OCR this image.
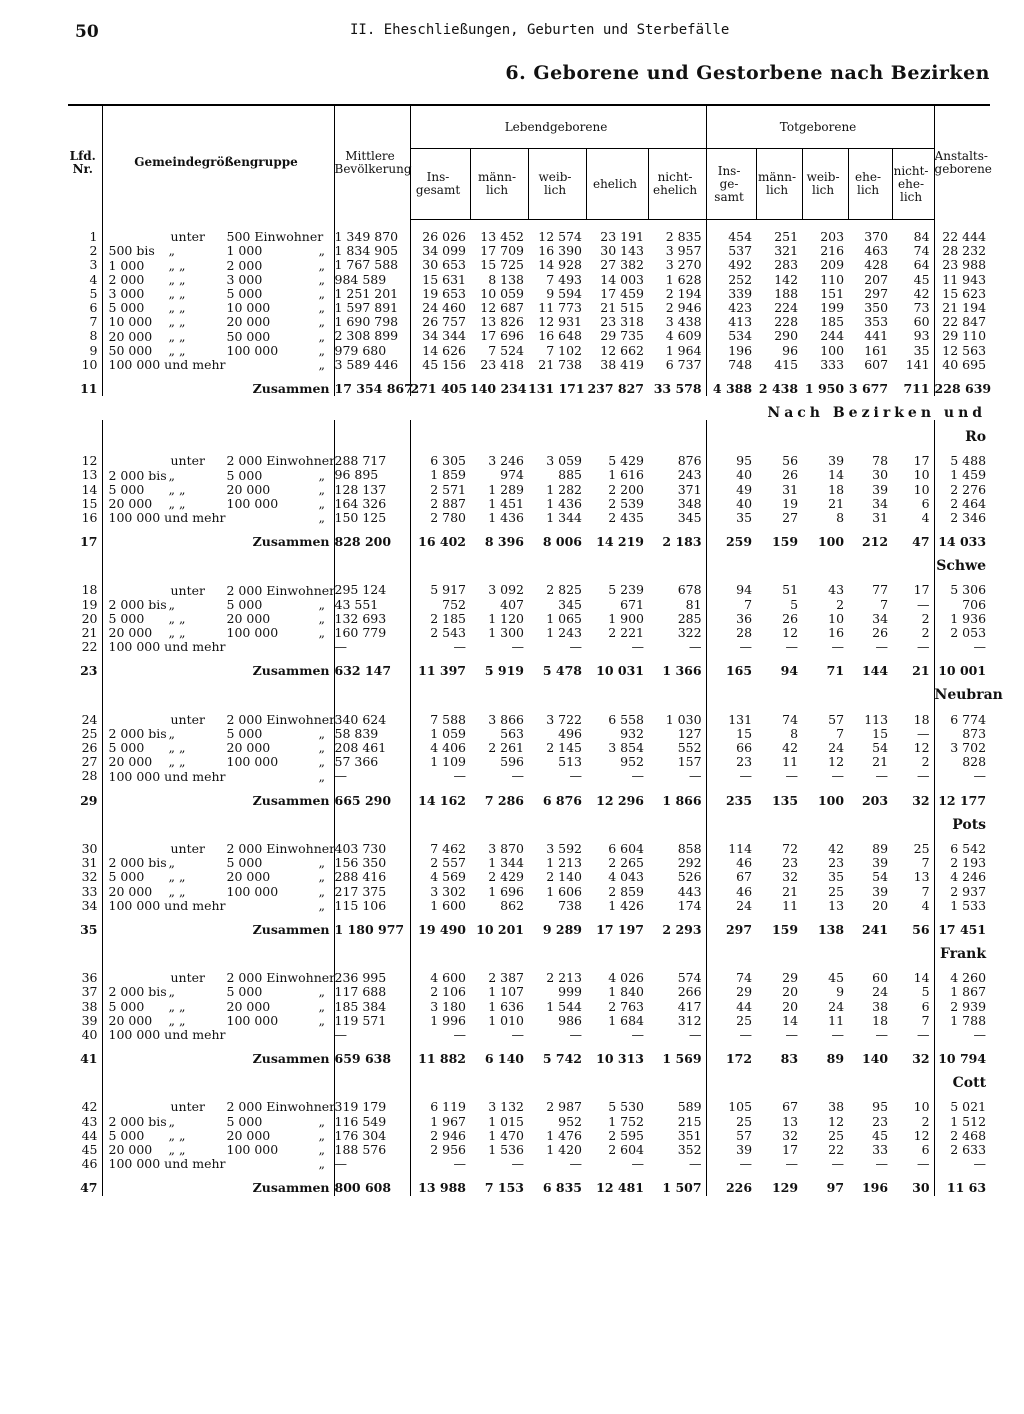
50	II. Eheschließungen, Geburten und Sterbefälle
6. Geborene und Gestorbene nach Bezirken
Lfd. Nr.	Gemeindegrößengruppe	Mittlere Bevölkerung	Lebendgeborene					Totgeborene					Anstalts- geborene
			Ins- gesamt	männ- lich	weib- lich	ehelich	nicht- ehelich	Ins- ge- samt	männ- lich	weib- lich	ehe- lich	nicht- ehe- lich	

1	unter 500 Einwohner	1 349 870	26 026	13 452	12 574	23 191	2 835	454	251	203	370	84	22 444
2	500 bis „ 1 000 „	1 834 905	34 099	17 709	16 390	30 143	3 957	537	321	216	463	74	28 232
3	1 000 „ „ 2 000 „	1 767 588	30 653	15 725	14 928	27 382	3 270	492	283	209	428	64	23 988
4	2 000 „ „ 3 000 „	984 589	15 631	8 138	7 493	14 003	1 628	252	142	110	207	45	11 943
5	3 000 „ „ 5 000 „	1 251 201	19 653	10 059	9 594	17 459	2 194	339	188	151	297	42	15 623
6	5 000 „ „ 10 000 „	1 597 891	24 460	12 687	11 773	21 515	2 946	423	224	199	350	73	21 194
7	10 000 „ „ 20 000 „	1 690 798	26 757	13 826	12 931	23 318	3 438	413	228	185	353	60	22 847
8	20 000 „ „ 50 000 „	2 308 899	34 344	17 696	16 648	29 735	4 609	534	290	244	441	93	29 110
9	50 000 „ „ 100 000 „	979 680	14 626	7 524	7 102	12 662	1 964	196	96	100	161	35	12 563
10	100 000 und mehr „	3 589 446	45 156	23 418	21 738	38 419	6 737	748	415	333	607	141	40 695

11	Zusammen	17 354 867	271 405	140 234	131 171	237 827	33 578	4 388	2 438	1 950	3 677	711	228 639

Nach Bezirken und													
													Ro

12	unter 2 000 Einwohner	288 717	6 305	3 246	3 059	5 429	876	95	56	39	78	17	5 488
13	2 000 bis „ 5 000 „	96 895	1 859	974	885	1 616	243	40	26	14	30	10	1 459
14	5 000 „ „ 20 000 „	128 137	2 571	1 289	1 282	2 200	371	49	31	18	39	10	2 276
15	20 000 „ „ 100 000 „	164 326	2 887	1 451	1 436	2 539	348	40	19	21	34	6	2 464
16	100 000 und mehr „	150 125	2 780	1 436	1 344	2 435	345	35	27	8	31	4	2 346

17	Zusammen	828 200	16 402	8 396	8 006	14 219	2 183	259	159	100	212	47	14 033
													Schwe

18	unter 2 000 Einwohner	295 124	5 917	3 092	2 825	5 239	678	94	51	43	77	17	5 306
19	2 000 bis „ 5 000 „	43 551	752	407	345	671	81	7	5	2	7	—	706
20	5 000 „ „ 20 000 „	132 693	2 185	1 120	1 065	1 900	285	36	26	10	34	2	1 936
21	20 000 „ „ 100 000 „	160 779	2 543	1 300	1 243	2 221	322	28	12	16	26	2	2 053
22	100 000 und mehr	—	—	—	—	—	—	—	—	—	—	—	—

23	Zusammen	632 147	11 397	5 919	5 478	10 031	1 366	165	94	71	144	21	10 001
													Neubran

24	unter 2 000 Einwohner	340 624	7 588	3 866	3 722	6 558	1 030	131	74	57	113	18	6 774
25	2 000 bis „ 5 000 „	58 839	1 059	563	496	932	127	15	8	7	15	—	873
26	5 000 „ „ 20 000 „	208 461	4 406	2 261	2 145	3 854	552	66	42	24	54	12	3 702
27	20 000 „ „ 100 000 „	57 366	1 109	596	513	952	157	23	11	12	21	2	828
28	100 000 und mehr „	—	—	—	—	—	—	—	—	—	—	—	—

29	Zusammen	665 290	14 162	7 286	6 876	12 296	1 866	235	135	100	203	32	12 177
													Pots

30	unter 2 000 Einwohner	403 730	7 462	3 870	3 592	6 604	858	114	72	42	89	25	6 542
31	2 000 bis „ 5 000 „	156 350	2 557	1 344	1 213	2 265	292	46	23	23	39	7	2 193
32	5 000 „ „ 20 000 „	288 416	4 569	2 429	2 140	4 043	526	67	32	35	54	13	4 246
33	20 000 „ „ 100 000 „	217 375	3 302	1 696	1 606	2 859	443	46	21	25	39	7	2 937
34	100 000 und mehr „	115 106	1 600	862	738	1 426	174	24	11	13	20	4	1 533

35	Zusammen	1 180 977	19 490	10 201	9 289	17 197	2 293	297	159	138	241	56	17 451
													Frank

36	unter 2 000 Einwohner	236 995	4 600	2 387	2 213	4 026	574	74	29	45	60	14	4 260
37	2 000 bis „ 5 000 „	117 688	2 106	1 107	999	1 840	266	29	20	9	24	5	1 867
38	5 000 „ „ 20 000 „	185 384	3 180	1 636	1 544	2 763	417	44	20	24	38	6	2 939
39	20 000 „ „ 100 000 „	119 571	1 996	1 010	986	1 684	312	25	14	11	18	7	1 788
40	100 000 und mehr	—	—	—	—	—	—	—	—	—	—	—	—

41	Zusammen	659 638	11 882	6 140	5 742	10 313	1 569	172	83	89	140	32	10 794
													Cott

42	unter 2 000 Einwohner	319 179	6 119	3 132	2 987	5 530	589	105	67	38	95	10	5 021
43	2 000 bis „ 5 000 „	116 549	1 967	1 015	952	1 752	215	25	13	12	23	2	1 512
44	5 000 „ „ 20 000 „	176 304	2 946	1 470	1 476	2 595	351	57	32	25	45	12	2 468
45	20 000 „ „ 100 000 „	188 576	2 956	1 536	1 420	2 604	352	39	17	22	33	6	2 633
46	100 000 und mehr „	—	—	—	—	—	—	—	—	—	—	—	—

47	Zusammen	800 608	13 988	7 153	6 835	12 481	1 507	226	129	97	196	30	11 63
